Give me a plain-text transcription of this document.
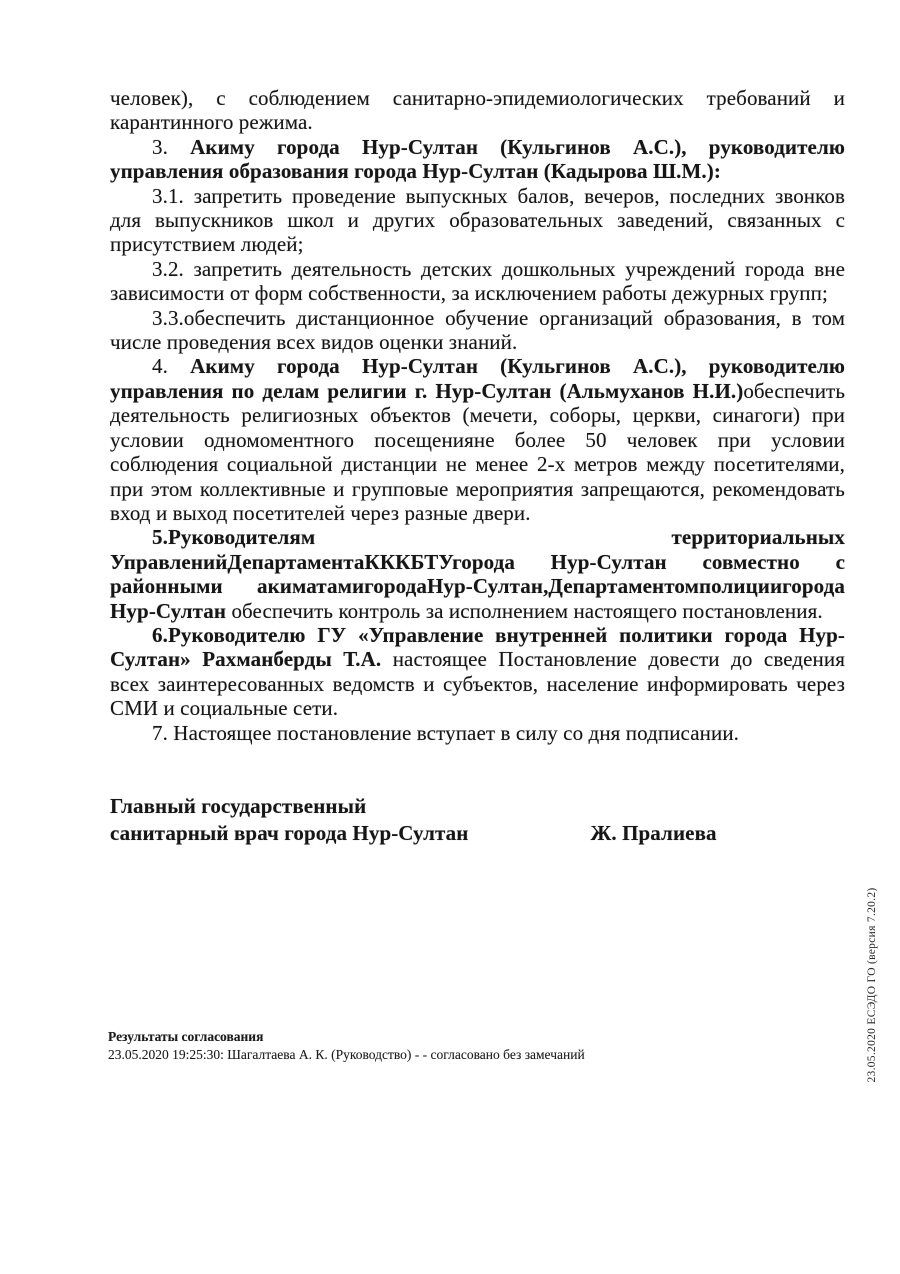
человек), с соблюдением санитарно-эпидемиологических требований и карантинного режима.

3. Акиму города Нур-Султан (Кульгинов А.С.), руководителю управления образования города Нур-Султан (Кадырова Ш.М.):

3.1. запретить проведение выпускных балов, вечеров, последних звонков для выпускников школ и других образовательных заведений, связанных с присутствием людей;

3.2. запретить деятельность детских дошкольных учреждений города вне зависимости от форм собственности, за исключением работы дежурных групп;

3.3.обеспечить дистанционное обучение организаций образования, в том числе проведения всех видов оценки знаний.

4. Акиму города Нур-Султан (Кульгинов А.С.), руководителю управления по делам религии г. Нур-Султан (Альмуханов Н.И.)обеспечить деятельность религиозных объектов (мечети, соборы, церкви, синагоги) при условии одномоментного посещенияне более 50 человек при условии соблюдения социальной дистанции не менее 2-х метров между посетителями, при этом коллективные и групповые мероприятия запрещаются, рекомендовать вход и выход посетителей через разные двери.

5.Руководителям территориальных УправленийДепартаментаКККБТУгорода Нур-Султан совместно с районными акиматамигородаНур-Султан,Департаментомполициигорода Нур-Султан обеспечить контроль за исполнением настоящего постановления.

6.Руководителю ГУ «Управление внутренней политики города Нур-Султан» Рахманберды Т.А. настоящее Постановление довести до сведения всех заинтересованных ведомств и субъектов, население информировать через СМИ и социальные сети.

7. Настоящее постановление вступает в силу со дня подписании.

Главный государственный
санитарный врач города Нур-Султан	Ж. Пралиева
23.05.2020 ЕСЭДО ГО (версия 7.20.2)
Результаты согласования
23.05.2020 19:25:30: Шагалтаева А. К. (Руководство) - - согласовано без замечаний
